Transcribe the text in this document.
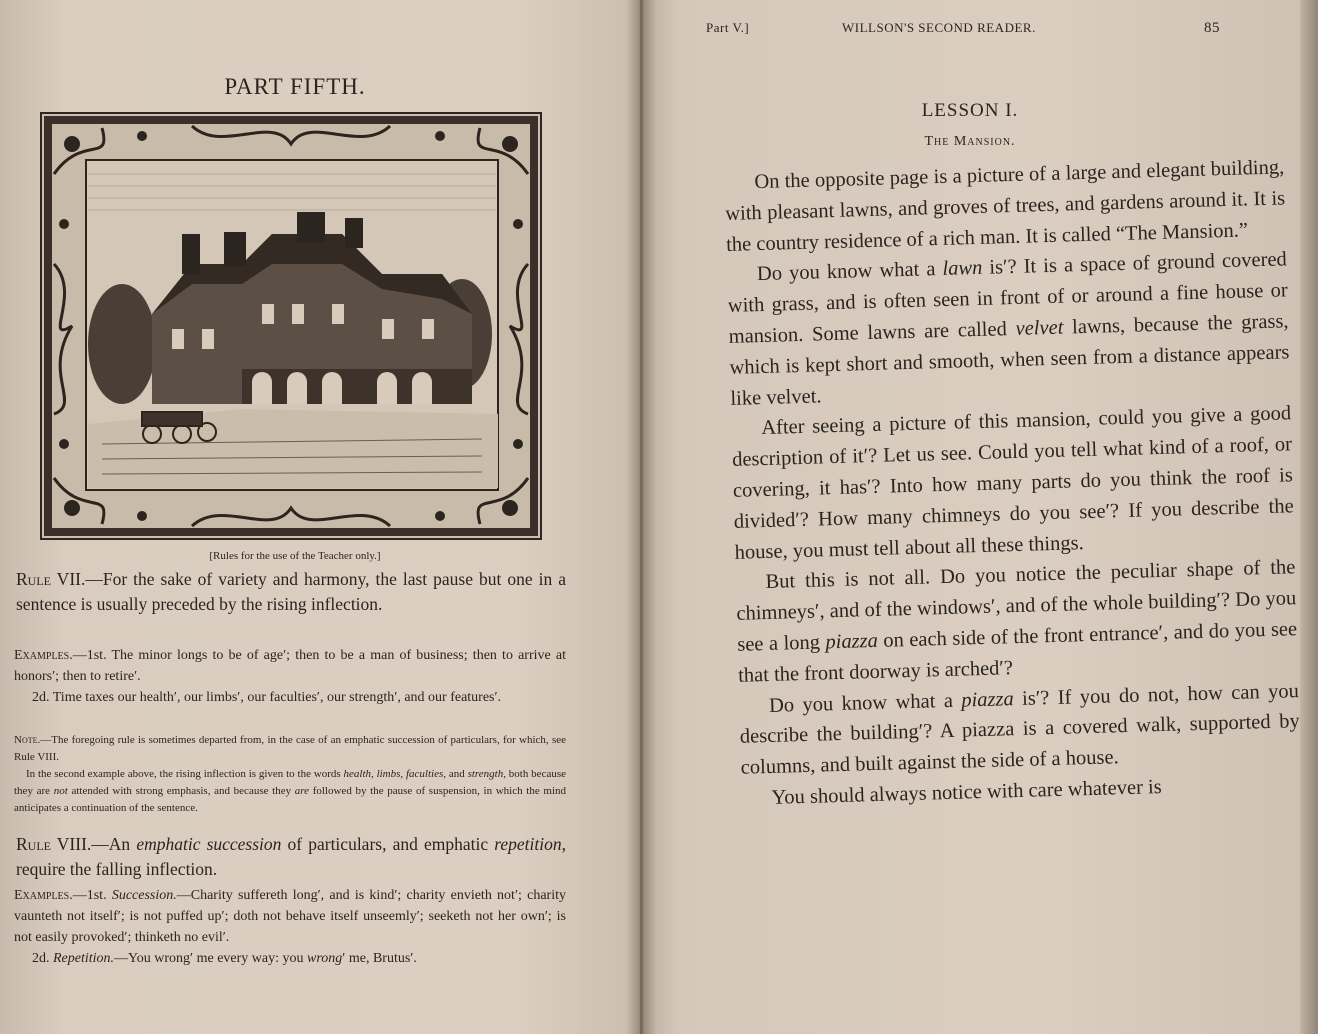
PART FIFTH.
[Rules for the use of the Teacher only.]
Rule VII.—For the sake of variety and harmony, the last pause but one in a sentence is usually preceded by the rising inflection.
Examples.—1st. The minor longs to be of age′; then to be a man of business; then to arrive at honors′; then to retire′.
2d. Time taxes our health′, our limbs′, our faculties′, our strength′, and our features′.
Note.—The foregoing rule is sometimes departed from, in the case of an emphatic succession of particulars, for which, see Rule VIII.
In the second example above, the rising inflection is given to the words health, limbs, faculties, and strength, both because they are not attended with strong emphasis, and because they are followed by the pause of suspension, in which the mind anticipates a continuation of the sentence.
Rule VIII.—An emphatic succession of particulars, and emphatic repetition, require the falling inflection.
Examples.—1st. Succession.—Charity suffereth long′, and is kind′; charity envieth not′; charity vaunteth not itself′; is not puffed up′; doth not behave itself unseemly′; seeketh not her own′; is not easily provoked′; thinketh no evil′.
2d. Repetition.—You wrong′ me every way: you wrong′ me, Brutus′.
Part V.]	WILLSON'S SECOND READER.	85
LESSON I.
The Mansion.

On the opposite page is a picture of a large and elegant building, with pleasant lawns, and groves of trees, and gardens around it. It is the country residence of a rich man. It is called “The Mansion.”

Do you know what a lawn is′? It is a space of ground covered with grass, and is often seen in front of or around a fine house or mansion. Some lawns are called velvet lawns, because the grass, which is kept short and smooth, when seen from a distance appears like velvet.

After seeing a picture of this mansion, could you give a good description of it′? Let us see. Could you tell what kind of a roof, or covering, it has′? Into how many parts do you think the roof is divided′? How many chimneys do you see′? If you describe the house, you must tell about all these things.

But this is not all. Do you notice the peculiar shape of the chimneys′, and of the windows′, and of the whole building′? Do you see a long piazza on each side of the front entrance′, and do you see that the front doorway is arched′?

Do you know what a piazza is′? If you do not, how can you describe the building′? A piazza is a covered walk, supported by columns, and built against the side of a house.

You should always notice with care whatever is
